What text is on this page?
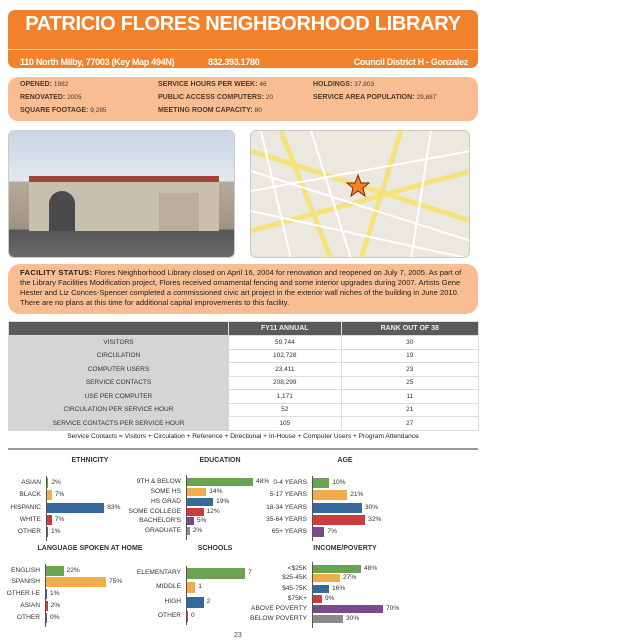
PATRICIO FLORES NEIGHBORHOOD LIBRARY
110 North Milby, 77003 (Key Map 494N)	832.393.1780	Council District H - Gonzalez
OPENED: 1982
RENOVATED: 2005
SQUARE FOOTAGE: 9,265
SERVICE HOURS PER WEEK: 46
PUBLIC ACCESS COMPUTERS: 20
MEETING ROOM CAPACITY: 80
HOLDINGS: 37,803
SERVICE AREA POPULATION: 29,887
FACILITY STATUS: Flores Neighborhood Library closed on April 16, 2004 for renovation and reopened on July 7, 2005. As part of the Library Facilities Modification project, Flores received ornamental fencing and some interior upgrades during 2007. Artists Gene Hester and Liz Conces-Spencer completed a commissioned civic art project in the exterior wall niches of the building in June 2010. There are no plans at this time for additional capital improvements to this facility.
	FY11 ANNUAL	RANK OUT OF 38
VISITORS	59,744	30
CIRCULATION	102,728	19
COMPUTER USERS	23,411	23
SERVICE CONTACTS	208,299	25
USE PER COMPUTER	1,171	11
CIRCULATION PER SERVICE HOUR	52	21
SERVICE CONTACTS PER SERVICE HOUR	105	27
Service Contacts = Visitors + Circulation + Reference + Directional + In-House + Computer Users + Program Attendance
ETHNICITY
ASIAN 2%
BLACK 7%
HISPANIC	83%
WHITE 7%
OTHER 1%
EDUCATION
9TH & BELOW	48%
SOME HS	14%
HS GRAD	19%
SOME COLLEGE	12%
BACHELOR'S 5%
GRADUATE 2%
AGE
0-4 YEARS	10%
5-17 YEARS	21%
18-34 YEARS	30%
35-64 YEARS	32%
65+ YEARS	7%
LANGUAGE SPOKEN AT HOME
ENGLISH	22%
SPANISH	75%
OTHER I-E 1%
ASIAN 2%
OTHER 0%
SCHOOLS
ELEMENTARY	7
MIDDLE	1
HIGH	2
OTHER 0
INCOME/POVERTY
<$25K	48%
$25-45K	27%
$45-75K	16%
$75K+	9%
ABOVE POVERTY	70%
BELOW POVERTY	30%
23
